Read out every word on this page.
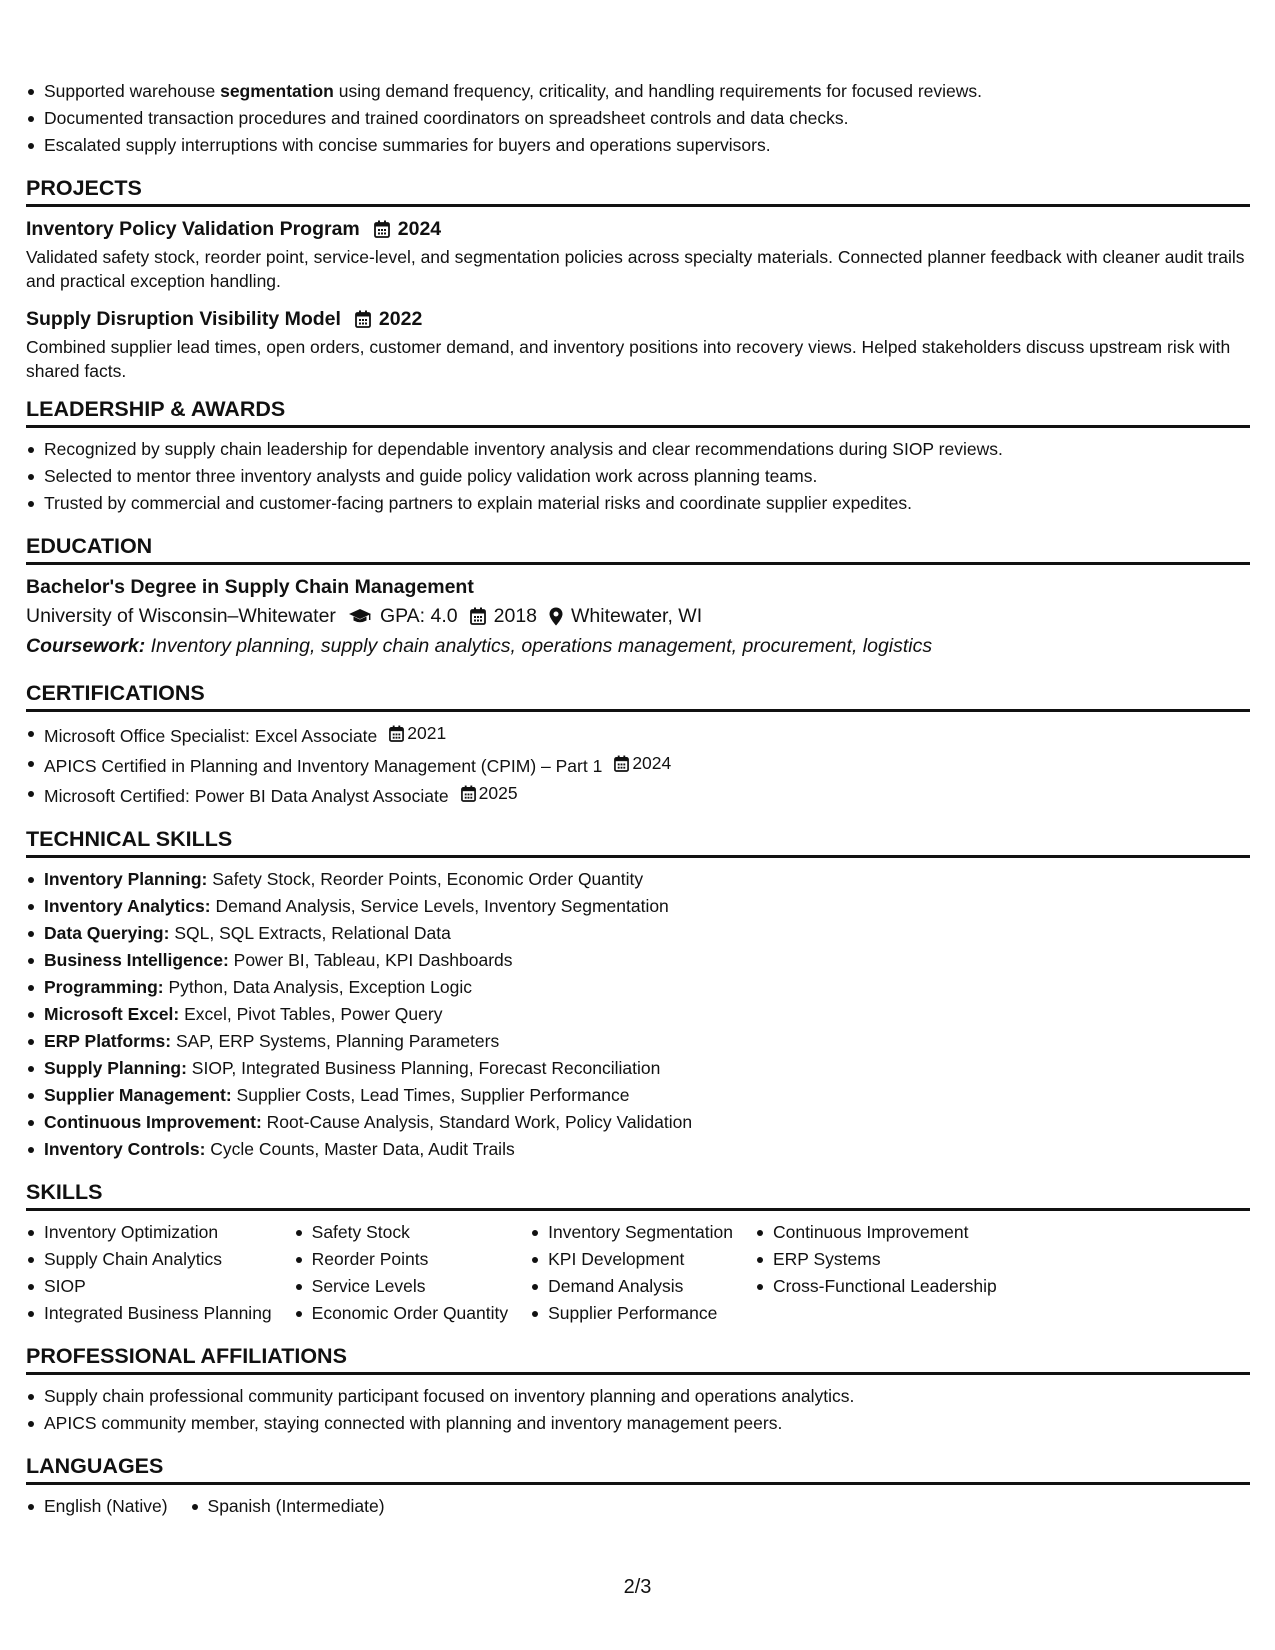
Supported warehouse segmentation using demand frequency, criticality, and handling requirements for focused reviews.
Documented transaction procedures and trained coordinators on spreadsheet controls and data checks.
Escalated supply interruptions with concise summaries for buyers and operations supervisors.
PROJECTS
Inventory Policy Validation Program 2024
Validated safety stock, reorder point, service-level, and segmentation policies across specialty materials. Connected planner feedback with cleaner audit trails and practical exception handling.
Supply Disruption Visibility Model 2022
Combined supplier lead times, open orders, customer demand, and inventory positions into recovery views. Helped stakeholders discuss upstream risk with shared facts.
LEADERSHIP & AWARDS
Recognized by supply chain leadership for dependable inventory analysis and clear recommendations during SIOP reviews.
Selected to mentor three inventory analysts and guide policy validation work across planning teams.
Trusted by commercial and customer-facing partners to explain material risks and coordinate supplier expedites.
EDUCATION
Bachelor's Degree in Supply Chain Management
University of Wisconsin–Whitewater GPA: 4.0 2018 Whitewater, WI
Coursework: Inventory planning, supply chain analytics, operations management, procurement, logistics
CERTIFICATIONS
Microsoft Office Specialist: Excel Associate 2021
APICS Certified in Planning and Inventory Management (CPIM) – Part 1 2024
Microsoft Certified: Power BI Data Analyst Associate 2025
TECHNICAL SKILLS
Inventory Planning: Safety Stock, Reorder Points, Economic Order Quantity
Inventory Analytics: Demand Analysis, Service Levels, Inventory Segmentation
Data Querying: SQL, SQL Extracts, Relational Data
Business Intelligence: Power BI, Tableau, KPI Dashboards
Programming: Python, Data Analysis, Exception Logic
Microsoft Excel: Excel, Pivot Tables, Power Query
ERP Platforms: SAP, ERP Systems, Planning Parameters
Supply Planning: SIOP, Integrated Business Planning, Forecast Reconciliation
Supplier Management: Supplier Costs, Lead Times, Supplier Performance
Continuous Improvement: Root-Cause Analysis, Standard Work, Policy Validation
Inventory Controls: Cycle Counts, Master Data, Audit Trails
SKILLS
Inventory Optimization
Supply Chain Analytics
SIOP
Integrated Business Planning
Safety Stock
Reorder Points
Service Levels
Economic Order Quantity
Inventory Segmentation
KPI Development
Demand Analysis
Supplier Performance
Continuous Improvement
ERP Systems
Cross-Functional Leadership
PROFESSIONAL AFFILIATIONS
Supply chain professional community participant focused on inventory planning and operations analytics.
APICS community member, staying connected with planning and inventory management peers.
LANGUAGES
English (Native)	Spanish (Intermediate)
2/3
